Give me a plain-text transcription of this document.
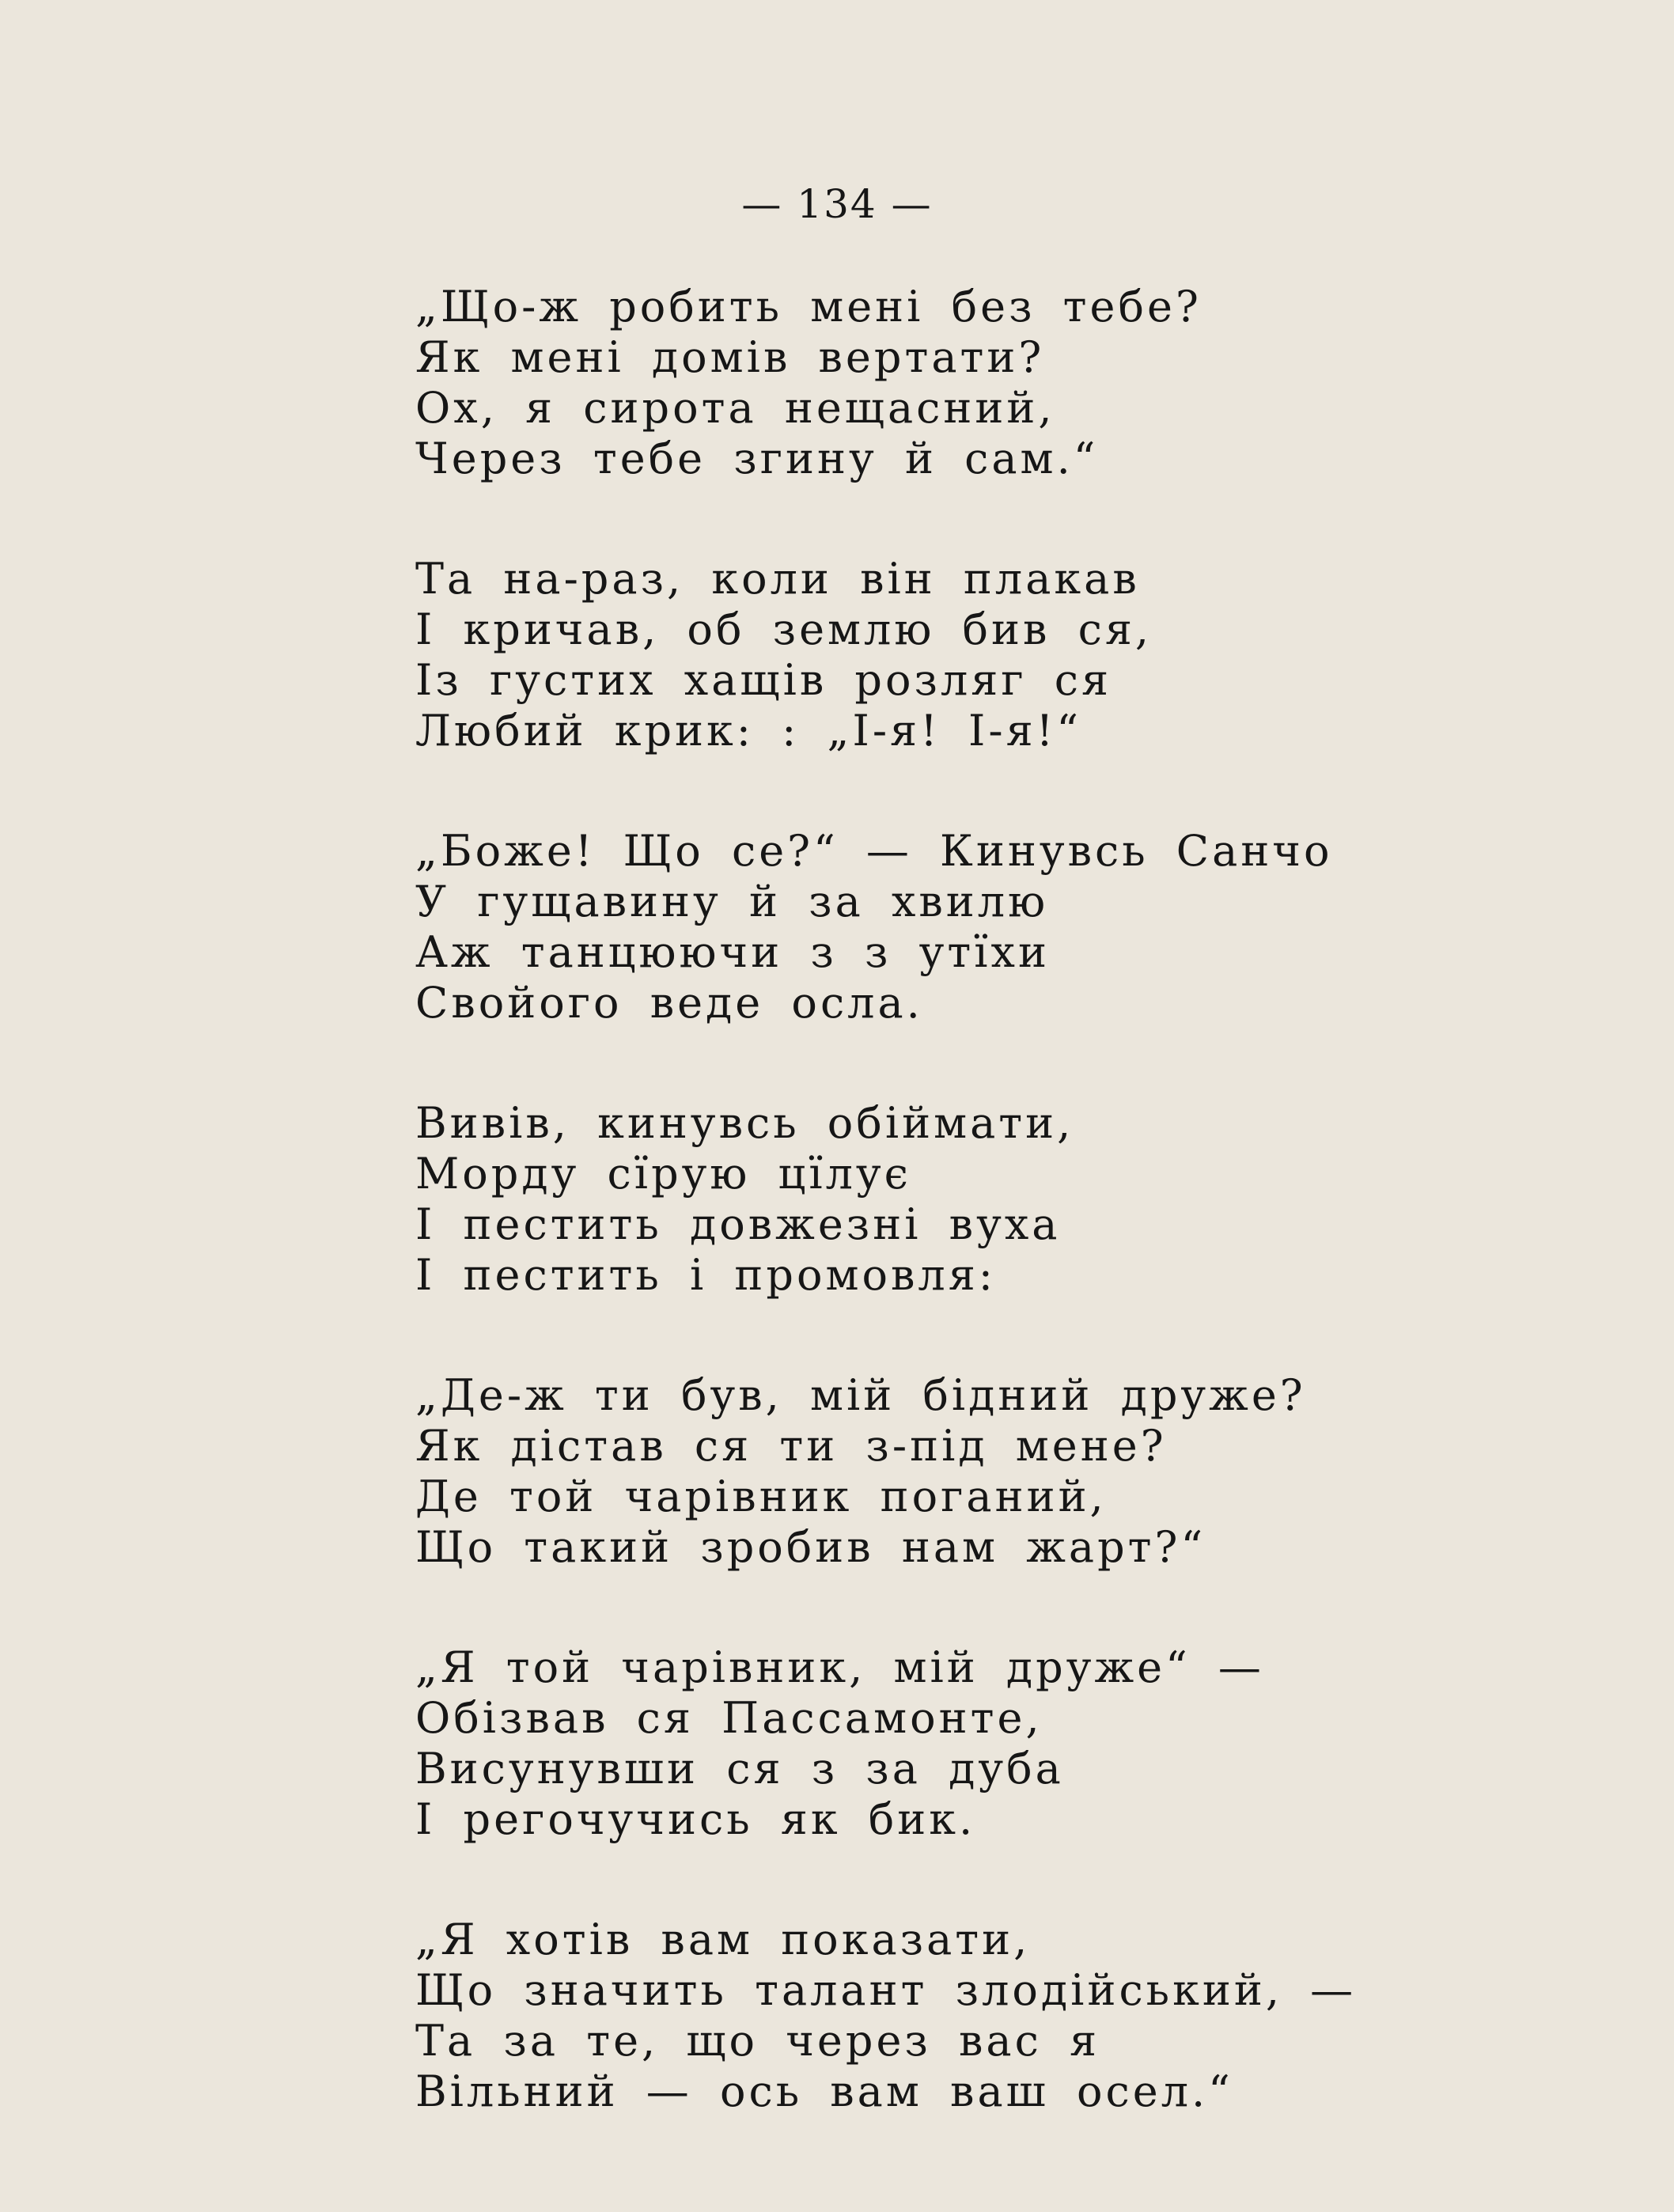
— 134 —
„Що-ж робить мені без тебе?
Як мені домів вертати?
Ох, я сирота нещасний,
Через тебе згину й сам.“
Та на-раз, коли він плакав
І кричав, об землю бив ся,
Із густих хащів розляг ся
Любий крик: : „І-я! І-я!“
„Боже! Що се?“ — Кинувсь Санчо
У гущавину й за хвилю
Аж танцюючи з з утїхи
Свойого веде осла.
Вивів, кинувсь обіймати,
Морду сїрую цїлує
І пестить довжезні вуха
І пестить і промовля:
„Де-ж ти був, мій бідний друже?
Як дістав ся ти з-під мене?
Де той чарівник поганий,
Що такий зробив нам жарт?“
„Я той чарівник, мій друже“ —
Обізвав ся Пассамонте,
Висунувши ся з за дуба
І регочучись як бик.
„Я хотів вам показати,
Що значить талант злодійський, —
Та за те, що через вас я
Вільний — ось вам ваш осел.“
